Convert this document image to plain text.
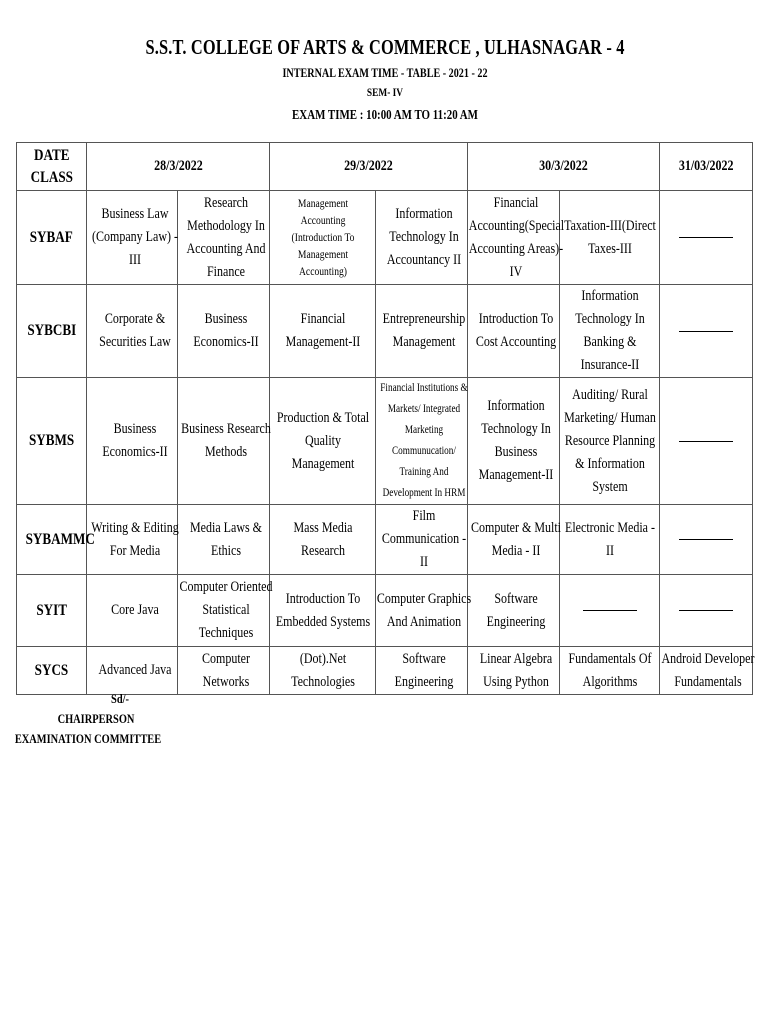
S.S.T. COLLEGE OF ARTS & COMMERCE , ULHASNAGAR - 4
INTERNAL EXAM TIME - TABLE - 2021 - 22
SEM- IV
EXAM TIME : 10:00 AM TO 11:20 AM
DATE
CLASS	28/3/2022		29/3/2022		30/3/2022		31/03/2022
SYBAF	Business Law (Company Law) - III	Research Methodology In Accounting And Finance	Management Accounting (Introduction To Management Accounting)	Information Technology In Accountancy II	Financial Accounting(Special Accounting Areas)-IV	Taxation-III(Direct Taxes-III	
SYBCBI	Corporate & Securities Law	Business Economics-II	Financial Management-II	Entrepreneurship Management	Introduction To Cost Accounting	Information Technology In Banking & Insurance-II	
SYBMS	Business Economics-II	Business Research Methods	Production & Total Quality Management	Financial Institutions & Markets/ Integrated Marketing Communucation/ Training And Development In HRM	Information Technology In Business Management-II	Auditing/ Rural Marketing/ Human Resource Planning & Information System	
SYBAMMC	Writing & Editing For Media	Media Laws & Ethics	Mass Media Research	Film Communication - II	Computer & Multi Media - II	Electronic Media - II	
SYIT	Core Java	Computer Oriented Statistical Techniques	Introduction To Embedded Systems	Computer Graphics And Animation	Software Engineering		
SYCS	Advanced Java	Computer Networks	(Dot).Net Technologies	Software Engineering	Linear Algebra Using Python	Fundamentals Of Algorithms	Android Developer Fundamentals
Sd/-
CHAIRPERSON
EXAMINATION COMMITTEE
